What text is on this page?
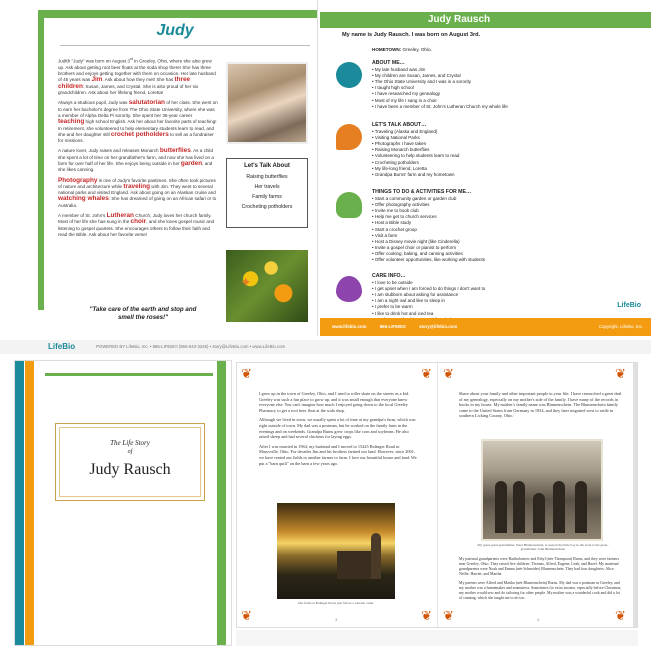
Judy

Judith "Judy" was born on August 3rd in Greeley, Ohio, where she also grew up. Ask about getting root beer floats at the soda shop there! She has three brothers and enjoys getting together with them on occasion. Her late husband of 45 years was Jim. Ask about how they met! She has three children: Susan, James, and Crystal. She is also proud of her six grandchildren. Ask about her lifelong friend, Loretta!

Always a studious pupil, Judy was salutatorian of her class. She went on to earn her bachelor's degree from The Ohio State University, where she was a member of Alpha Delta Pi sorority. She spent her 35-year career teaching high school English. Ask her about her favorite parts of teaching! In retirement, she volunteered to help elementary students learn to read, and she and her daughter still crochet potholders to sell as a fundraiser for missions.

A nature lover, Judy raises and releases Monarch butterflies. As a child she spent a lot of time on her grandfather's farm, and now she has lived on a farm for over half of her life. She enjoys being outside in her garden, and she likes canning.

Photography is one of Judy's favorite pastimes. She often took pictures of nature and architecture while traveling with Jim. They went to several national parks and visited England. Ask about going on an Alaskan cruise and watching whales: She has dreamed of going on an African safari or to Australia.

A member of St. John's Lutheran Church, Judy loves her church family. Most of her life she has sung in the choir, and she loves gospel music and listening to gospel quartets. She encourages others to follow their faith and read the Bible. Ask about her favorite verse!

Let's Talk About
Raising butterflies
Her travels
Family farms
Crocheting potholders
✦
"Take care of the earth and stop and smell the roses!"
Judy Rausch
My name is Judy Rausch. I was born on August 3rd.
HOMETOWN: Greeley, Ohio.
ABOUT ME…
• My late husband was Jim
• My children are Susan, James, and Crystal
• The Ohio State University and I was in a sorority
• I taught high school
• I have researched my genealogy
• Most of my life I sang in a choir
• I have been a member of St. John's Lutheran Church my whole life
LET'S TALK ABOUT…
• Traveling (Alaska and England)
• Visiting National Parks
• Photographs I have taken
• Raising Monarch butterflies
• Volunteering to help students learn to read
• Crocheting potholders
• My life-long friend, Loretta
• Grandpa Burns' farm and my hometown
THINGS TO DO & ACTIVITIES FOR ME…
• Start a community garden or garden club
• Offer photography activities
• Invite me to book club
• Help me get to church services
• Host a Bible study
• Start a crochet group
• Visit a farm
• Host a Disney movie night (like Cinderella)
• Invite a gospel choir or pianist to perform
• Offer cooking, baking, and canning activities
• Offer volunteer opportunities, like working with students
CARE INFO…
• I love to be outside
• I get upset when I am forced to do things I don't want to
• I am stubborn about asking for assistance
• I am a night owl and like to sleep in
• I prefer to be warm
• I like to drink hot and iced tea
LifeBio
www.lifebio.com	866-LIFEBIO	story@lifebio.com	Copyright, LifeBio, Inc.
LifeBio	POWERED BY LifeBio, Inc. • 866-LIFEBIO (866-543-3246) • story@LifeBio.com • www.LifeBio.com
The Life Story
of
Judy Rausch
❦	❦
❦	❦
❦	❦
❦	❦

I grew up in the town of Greeley, Ohio, and I used to roller skate on the streets as a kid. Greeley was such a fun place to grow up, and it was small enough that everyone knew everyone else. You can't imagine how much I enjoyed going down to the local Greeley Pharmacy to get a root beer float at the soda shop.

Although we lived in town, we usually spent a lot of time at my grandpa's farm, which was right outside of town. My dad was a postman, but he worked on the family farm in the evenings and on weekends. Grandpa Burns grew crops like corn and soybeans. He also raised sheep and had several chickens for laying eggs.

After I was married in 1964, my husband and I moved to 15425 Bolinger Road in Marysville, Ohio. For decades Jim and his brothers farmed our land. However, since 2001, we have rented our fields to another farmer to farm. I love our beautiful house and land. We put a "barn quilt" on the barn a few years ago.

Our farm on Bolinger Road, just before a tornado came.
3

Share about your family and other important people in your life: I have researched a great deal of my genealogy, especially on my mother's side of the family. I have many of the records in books in my house. My mother's family name was Blumenschein. The Blumenschein family came to the United States from Germany in 1834, and they later migrated west to settle in southern Licking County, Ohio.

My great-great-grandfather, Peter Blumenschein, is seated; the little boy in the front is my great-grandfather, John Blumenschein.

My paternal grandparents were Bartholomew and Ethyl (née Thompson) Burns, and they were farmers near Greeley, Ohio. They raised five children: Thomas, Alfred, Eugene, Leah, and Hazel. My maternal grandparents were Noah and Emma (née Schneider) Blumenschein. They had four daughters: Alice, Nellie, Harriet, and Martha.

My parents were Alfred and Martha (née Blumenschein) Burns. My dad was a postman in Greeley, and my mother was a homemaker and seamstress. Sometimes for extra income, especially before Christmas, my mother would sew and do tailoring for other people. My mother was a wonderful cook and did a lot of canning, which she taught me to do too.

4
